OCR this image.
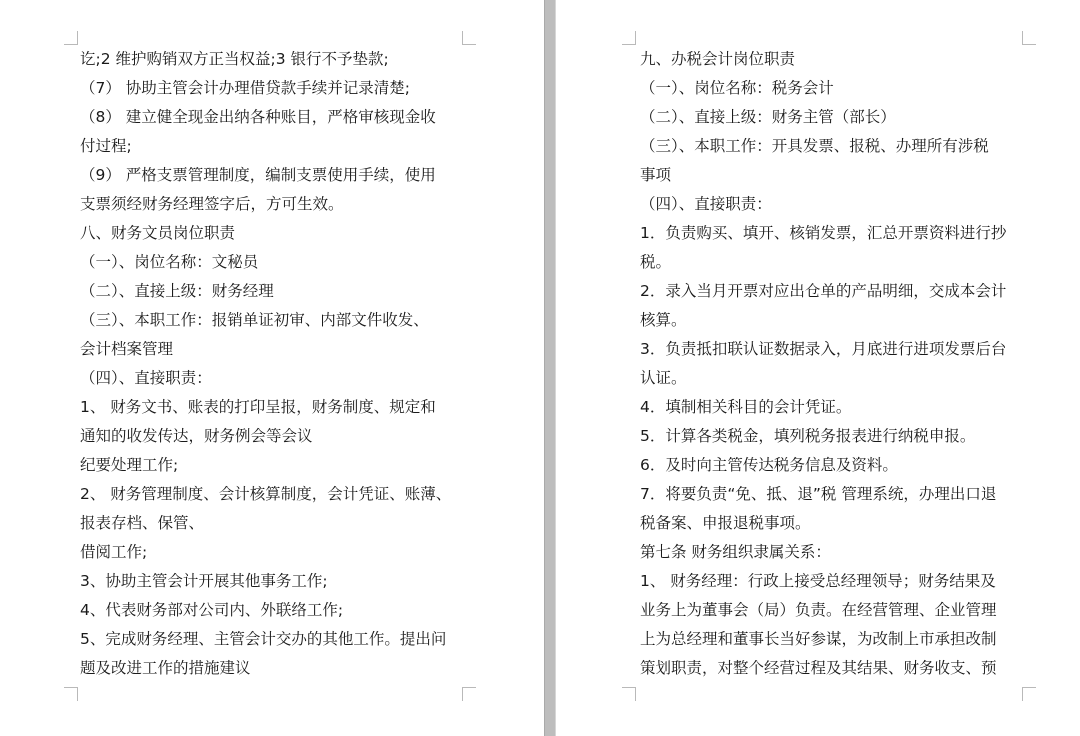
讫;2 维护购销双方正当权益;3 银行不予垫款;
（7） 协助主管会计办理借贷款手续并记录清楚;
（8） 建立健全现金出纳各种账目，严格审核现金收
付过程;
（9） 严格支票管理制度，编制支票使用手续，使用
支票须经财务经理签字后，方可生效。
八、财务文员岗位职责
（一）、岗位名称：文秘员
（二）、直接上级：财务经理
（三）、本职工作：报销单证初审、内部文件收发、
会计档案管理
（四）、直接职责：
1、 财务文书、账表的打印呈报，财务制度、规定和
通知的收发传达，财务例会等会议
纪要处理工作;
2、 财务管理制度、会计核算制度，会计凭证、账薄、
报表存档、保管、
借阅工作;
3、协助主管会计开展其他事务工作;
4、代表财务部对公司内、外联络工作;
5、完成财务经理、主管会计交办的其他工作。提出问
题及改进工作的措施建议
九、办税会计岗位职责
（一）、岗位名称：税务会计
（二）、直接上级：财务主管（部长）
（三）、本职工作：开具发票、报税、办理所有涉税
事项
（四）、直接职责：
1．负责购买、填开、核销发票，汇总开票资料进行抄
税。
2．录入当月开票对应出仓单的产品明细，交成本会计
核算。
3．负责抵扣联认证数据录入，月底进行进项发票后台
认证。
4．填制相关科目的会计凭证。
5．计算各类税金，填列税务报表进行纳税申报。
6．及时向主管传达税务信息及资料。
7．将要负责“免、抵、退”税 管理系统，办理出口退
税备案、申报退税事项。
第七条 财务组织隶属关系：
1、 财务经理：行政上接受总经理领导；财务结果及
业务上为董事会（局）负责。在经营管理、企业管理
上为总经理和董事长当好参谋，为改制上市承担改制
策划职责，对整个经营过程及其结果、财务收支、预
